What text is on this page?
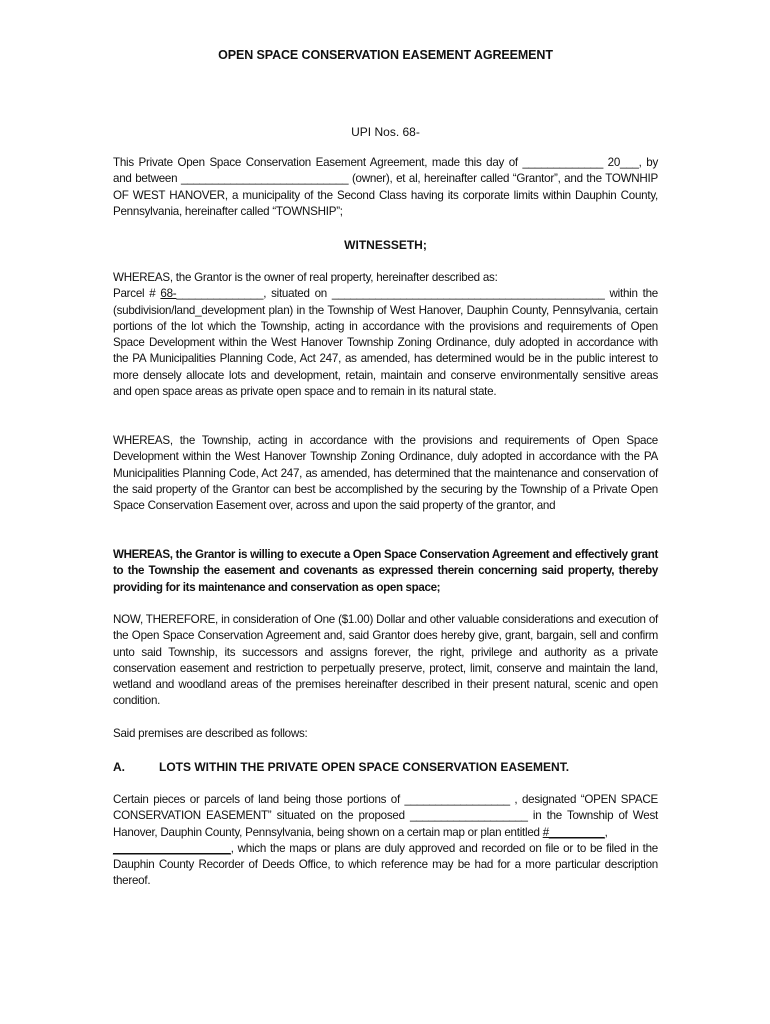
OPEN SPACE CONSERVATION EASEMENT AGREEMENT
UPI Nos. 68-

This Private Open Space Conservation Easement Agreement, made this day of _____________ 20___, by and between ___________________________ (owner), et al, hereinafter called “Grantor”, and the TOWNHIP OF WEST HANOVER, a municipality of the Second Class having its corporate limits within Dauphin County, Pennsylvania, hereinafter called “TOWNSHIP”;

WITNESSETH;

WHEREAS, the Grantor is the owner of real property, hereinafter described as:
Parcel # 68-______________, situated on ____________________________________________ within the (subdivision/land_development plan) in the Township of West Hanover, Dauphin County, Pennsylvania, certain portions of the lot which the Township, acting in accordance with the provisions and requirements of Open Space Development within the West Hanover Township Zoning Ordinance, duly adopted in accordance with the PA Municipalities Planning Code, Act 247, as amended, has determined would be in the public interest to more densely allocate lots and development, retain, maintain and conserve environmentally sensitive areas and open space areas as private open space and to remain in its natural state.

WHEREAS, the Township, acting in accordance with the provisions and requirements of Open Space Development within the West Hanover Township Zoning Ordinance, duly adopted in accordance with the PA Municipalities Planning Code, Act 247, as amended, has determined that the maintenance and conservation of the said property of the Grantor can best be accomplished by the securing by the Township of a Private Open Space Conservation Easement over, across and upon the said property of the grantor, and

WHEREAS, the Grantor is willing to execute a Open Space Conservation Agreement and effectively grant to the Township the easement and covenants as expressed therein concerning said property, thereby providing for its maintenance and conservation as open space;

NOW, THEREFORE, in consideration of One ($1.00) Dollar and other valuable considerations and execution of the Open Space Conservation Agreement and, said Grantor does hereby give, grant, bargain, sell and confirm unto said Township, its successors and assigns forever, the right, privilege and authority as a private conservation easement and restriction to perpetually preserve, protect, limit, conserve and maintain the land, wetland and woodland areas of the premises hereinafter described in their present natural, scenic and open condition.

Said premises are described as follows:

A.	LOTS WITHIN THE PRIVATE OPEN SPACE CONSERVATION EASEMENT.

Certain pieces or parcels of land being those portions of _________________ , designated “OPEN SPACE CONSERVATION EASEMENT” situated on the proposed ___________________ in the Township of West Hanover, Dauphin County, Pennsylvania, being shown on a certain map or plan entitled #_________,
___________________, which the maps or plans are duly approved and recorded on file or to be filed in the Dauphin County Recorder of Deeds Office, to which reference may be had for a more particular description thereof.
